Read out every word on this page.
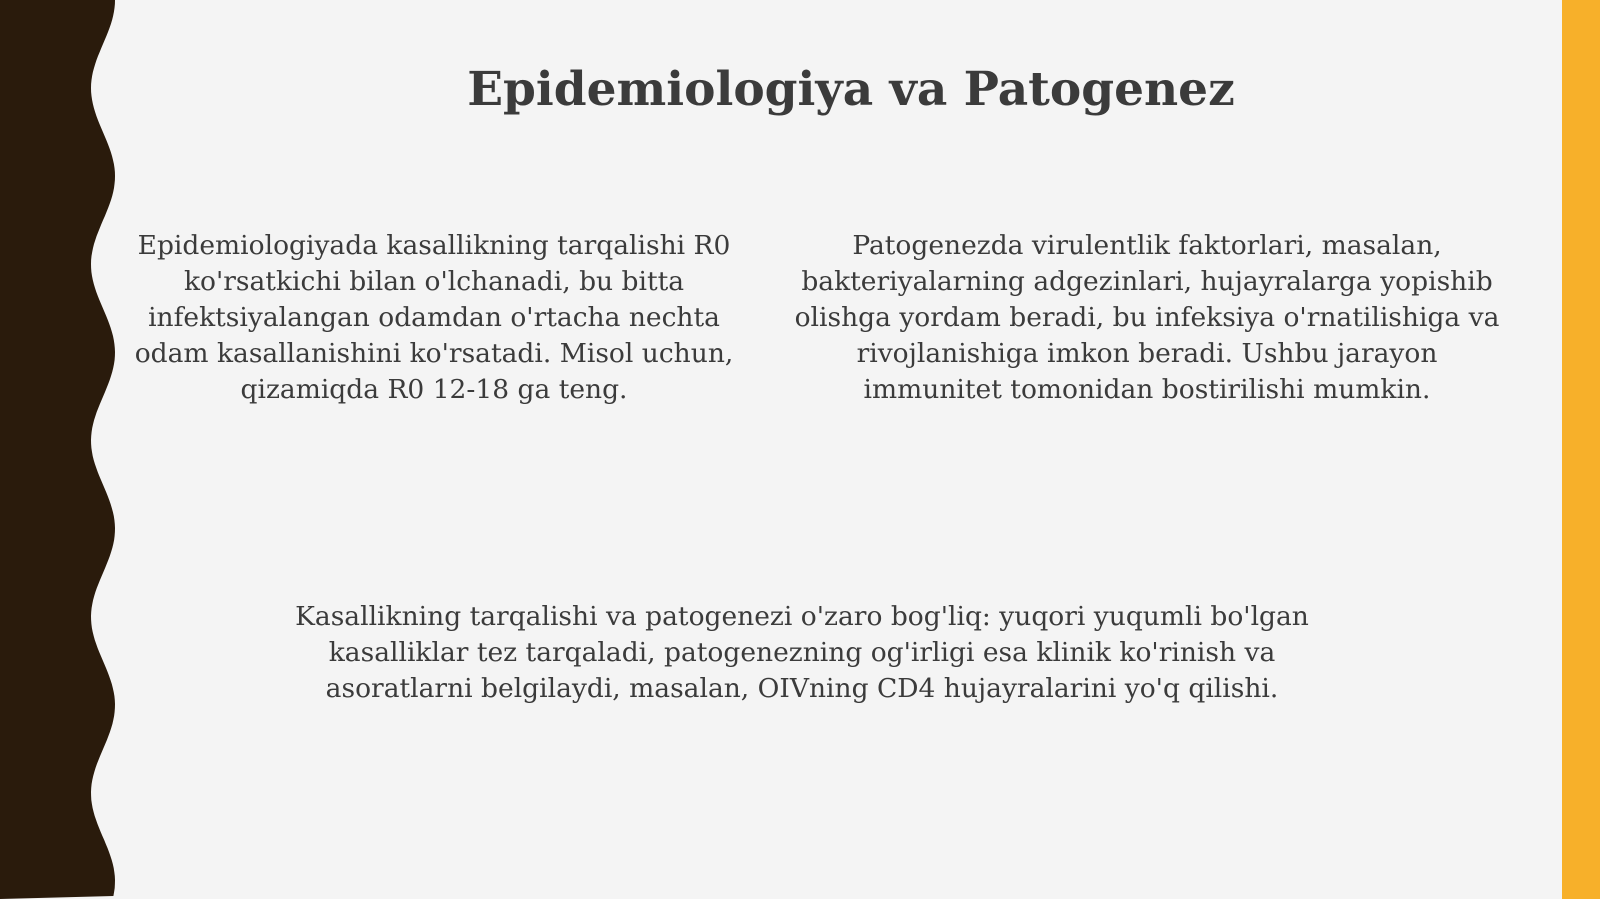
Epidemiologiya va Patogenez

Epidemiologiyada kasallikning tarqalishi R0 ko'rsatkichi bilan o'lchanadi, bu bitta infektsiyalangan odamdan o'rtacha nechta odam kasallanishini ko'rsatadi. Misol uchun, qizamiqda R0 12-18 ga teng.

Patogenezda virulentlik faktorlari, masalan, bakteriyalarning adgezinlari, hujayralarga yopishib olishga yordam beradi, bu infeksiya o'rnatilishiga va rivojlanishiga imkon beradi. Ushbu jarayon immunitet tomonidan bostirilishi mumkin.

Kasallikning tarqalishi va patogenezi o'zaro bog'liq: yuqori yuqumli bo'lgan kasalliklar tez tarqaladi, patogenezning og'irligi esa klinik ko'rinish va asoratlarni belgilaydi, masalan, OIVning CD4 hujayralarini yo'q qilishi.
